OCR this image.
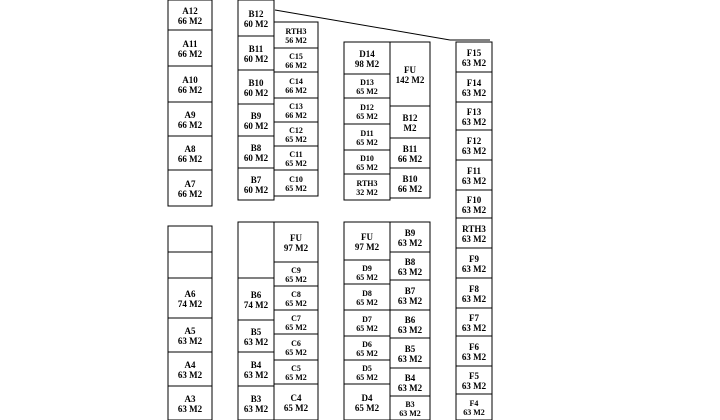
A12
66 M2
A11
66 M2
A10
66 M2
A9
66 M2
A8
66 M2
A7
66 M2
A6
74 M2
A5
63 M2
A4
63 M2
A3
63 M2
B12
60 M2
B11
60 M2
B10
60 M2
B9
60 M2
B8
60 M2
B7
60 M2
B6
74 M2
B5
63 M2
B4
63 M2
B3
63 M2
RTH3
56 M2
C15
66 M2
C14
66 M2
C13
66 M2
C12
65 M2
C11
65 M2
C10
65 M2
FU
97 M2
C9
65 M2
C8
65 M2
C7
65 M2
C6
65 M2
C5
65 M2
C4
65 M2
D14
98 M2
D13
65 M2
D12
65 M2
D11
65 M2
D10
65 M2
RTH3
32 M2
FU
97 M2
D9
65 M2
D8
65 M2
D7
65 M2
D6
65 M2
D5
65 M2
D4
65 M2
FU
142 M2
B12
M2
B11
66 M2
B10
66 M2
B9
63 M2
B8
63 M2
B7
63 M2
B6
63 M2
B5
63 M2
B4
63 M2
B3
63 M2
F15
63 M2
F14
63 M2
F13
63 M2
F12
63 M2
F11
63 M2
F10
63 M2
RTH3
63 M2
F9
63 M2
F8
63 M2
F7
63 M2
F6
63 M2
F5
63 M2
F4
63 M2
